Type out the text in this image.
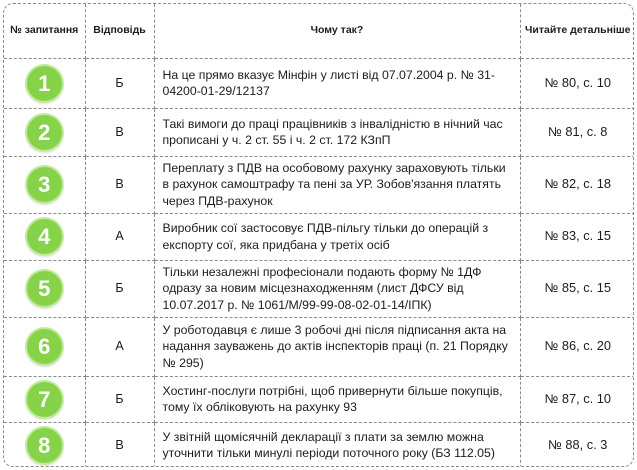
№ запитання	Відповідь	Чому так?	Читайте детальніше
1	Б	На це прямо вказує Мінфін у листі від 07.07.2004 р. № 31-04200-01-29/12137	№ 80, с. 10
2	В	Такі вимоги до праці працівників з інвалідністю в нічний час прописані у ч. 2 ст. 55 і ч. 2 ст. 172 КЗпП	№ 81, с. 8
3	В	Переплату з ПДВ на особовому рахунку зараховують тільки в рахунок самоштрафу та пені за УР. Зобов'язання платять через ПДВ-рахунок	№ 82, с. 18
4	А	Виробник сої застосовує ПДВ-пільгу тільки до операцій з експорту сої, яка придбана у третіх осіб	№ 83, с. 15
5	Б	Тільки незалежні професіонали подають форму № 1ДФ одразу за новим місцезнаходженням (лист ДФСУ від 10.07.2017 р. № 1061/М/99-99-08-02-01-14/ІПК)	№ 85, с. 15
6	А	У роботодавця є лише 3 робочі дні після підписання акта на надання зауважень до актів інспекторів праці (п. 21 Порядку № 295)	№ 86, с. 20
7	Б	Хостинг-послуги потрібні, щоб привернути більше покупців, тому їх обліковують на рахунку 93	№ 87, с. 10
8	В	У звітній щомісячній декларації з плати за землю можна уточнити тільки минулі періоди поточного року (БЗ 112.05)	№ 88, с. 3
